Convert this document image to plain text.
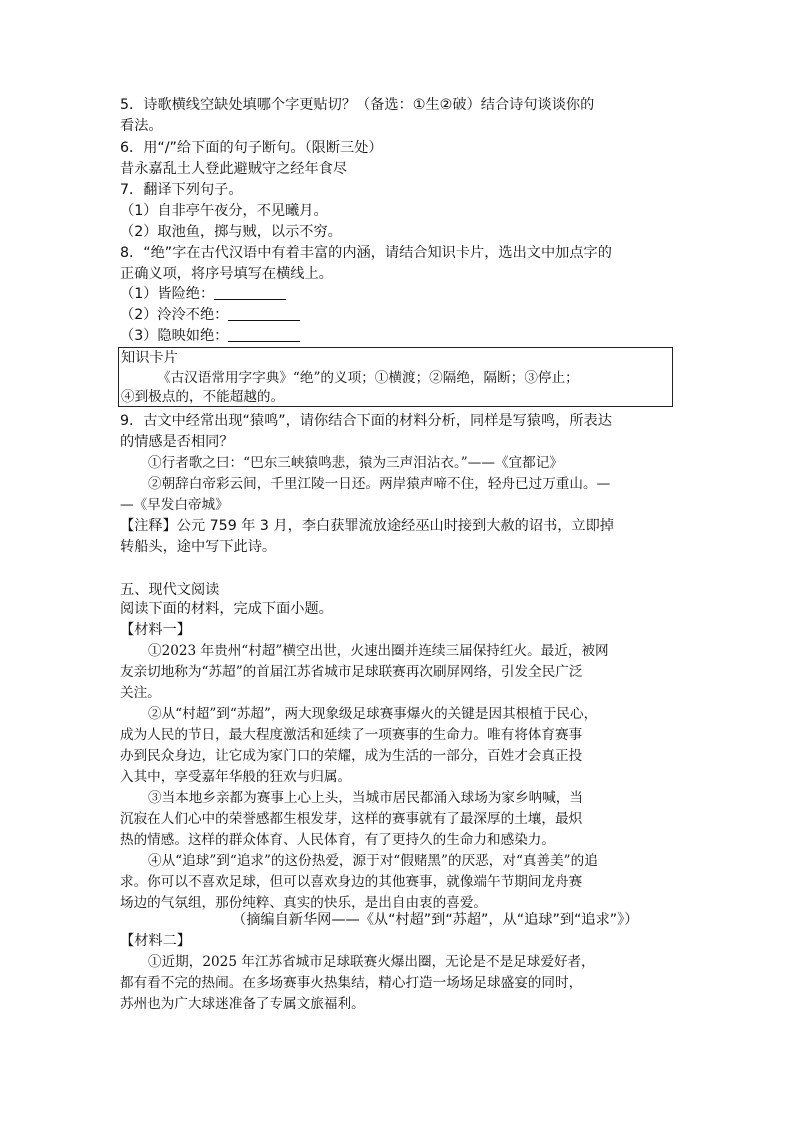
5．诗歌横线空缺处填哪个字更贴切？（备选：①生②破）结合诗句谈谈你的
看法。
6．用“/”给下面的句子断句。（限断三处）
昔永嘉乱土人登此避贼守之经年食尽
7．翻译下列句子。
（1）自非亭午夜分，不见曦月。
（2）取池鱼，掷与贼，以示不穷。
8．“绝”字在古代汉语中有着丰富的内涵，请结合知识卡片，选出文中加点字的
正确义项，将序号填写在横线上。
（1）皆险绝：
（2）泠泠不绝：
（3）隐映如绝：
知识卡片
《古汉语常用字字典》“绝”的义项；①横渡；②隔绝，隔断；③停止；
④到极点的，不能超越的。
9．古文中经常出现“猿鸣”，请你结合下面的材料分析，同样是写猿鸣，所表达
的情感是否相同？
①行者歌之曰：“巴东三峡猿鸣悲，猿为三声泪沾衣。”——《宜都记》
②朝辞白帝彩云间，千里江陵一日还。两岸猿声啼不住，轻舟已过万重山。—
—《早发白帝城》
【注释】公元 759 年 3 月，李白获罪流放途经巫山时接到大赦的诏书，立即掉
转船头，途中写下此诗。
五、现代文阅读
阅读下面的材料，完成下面小题。
【材料一】
①2023 年贵州“村超”横空出世，火速出圈并连续三届保持红火。最近，被网
友亲切地称为“苏超”的首届江苏省城市足球联赛再次刷屏网络，引发全民广泛
关注。
②从“村超”到“苏超”，两大现象级足球赛事爆火的关键是因其根植于民心，
成为人民的节日，最大程度激活和延续了一项赛事的生命力。唯有将体育赛事
办到民众身边，让它成为家门口的荣耀，成为生活的一部分，百姓才会真正投
入其中，享受嘉年华般的狂欢与归属。
③当本地乡亲都为赛事上心上头，当城市居民都涌入球场为家乡呐喊，当
沉寂在人们心中的荣誉感都生根发芽，这样的赛事就有了最深厚的土壤，最炽
热的情感。这样的群众体育、人民体育，有了更持久的生命力和感染力。
④从“追球”到“追求”的这份热爱，源于对“假赌黑”的厌恶，对“真善美”的追
求。你可以不喜欢足球，但可以喜欢身边的其他赛事，就像端午节期间龙舟赛
场边的气氛组，那份纯粹、真实的快乐，是出自由衷的喜爱。
（摘编自新华网——《从“村超”到“苏超”，从“追球”到“追求”》）
【材料二】
①近期，2025 年江苏省城市足球联赛火爆出圈，无论是不是足球爱好者，
都有看不完的热闹。在多场赛事火热集结，精心打造一场场足球盛宴的同时，
苏州也为广大球迷准备了专属文旅福利。
